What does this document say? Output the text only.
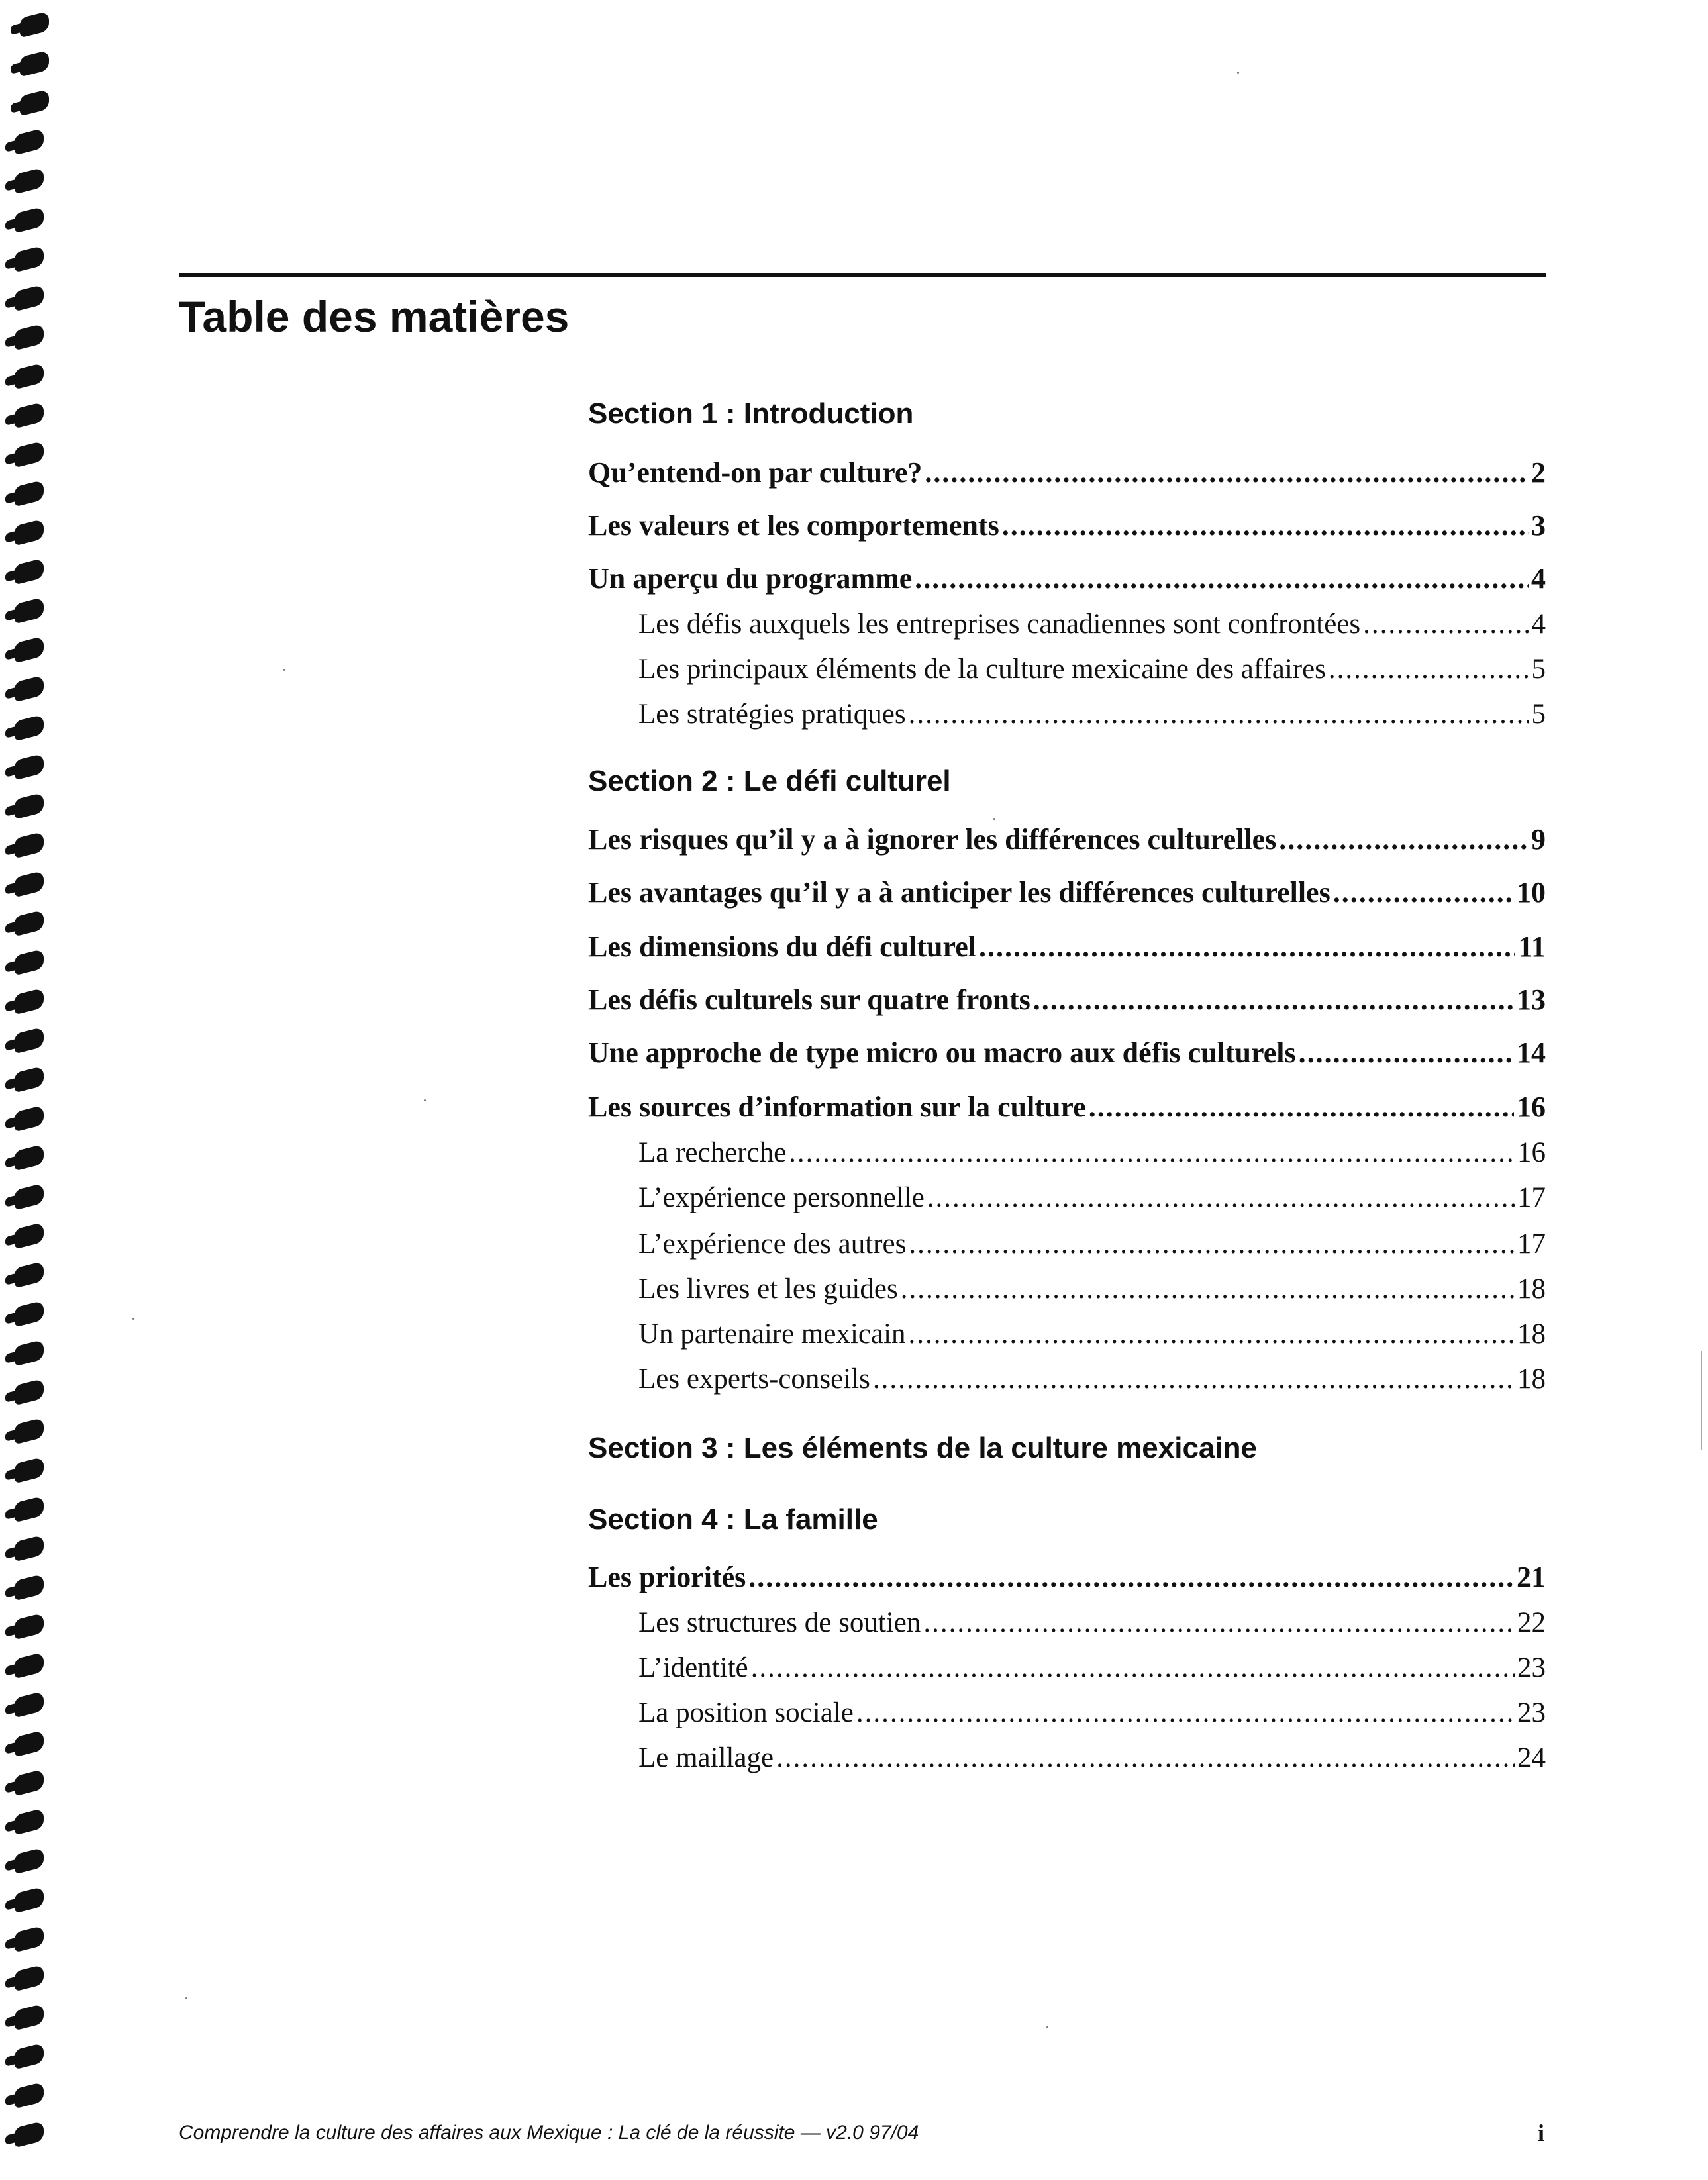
Table des matières
Section 1 : Introduction
Qu’entend-on par culture? .....	2
Les valeurs et les comportements .....	3
Un aperçu du programme .....	4
Les défis auxquels les entreprises canadiennes sont confrontées .....	4
Les principaux éléments de la culture mexicaine des affaires .....	5
Les stratégies pratiques .....	5
Section 2 : Le défi culturel
Les risques qu’il y a à ignorer les différences culturelles .....	9
Les avantages qu’il y a à anticiper les différences culturelles .....	10
Les dimensions du défi culturel .....	11
Les défis culturels sur quatre fronts .....	13
Une approche de type micro ou macro aux défis culturels .....	14
Les sources d’information sur la culture .....	16
La recherche .....	16
L’expérience personnelle .....	17
L’expérience des autres .....	17
Les livres et les guides .....	18
Un partenaire mexicain .....	18
Les experts-conseils .....	18
Section 3 : Les éléments de la culture mexicaine
Section 4 : La famille
Les priorités .....	21
Les structures de soutien .....	22
L’identité .....	23
La position sociale .....	23
Le maillage .....	24
Comprendre la culture des affaires aux Mexique : La clé de la réussite — v2.0 97/04	i
